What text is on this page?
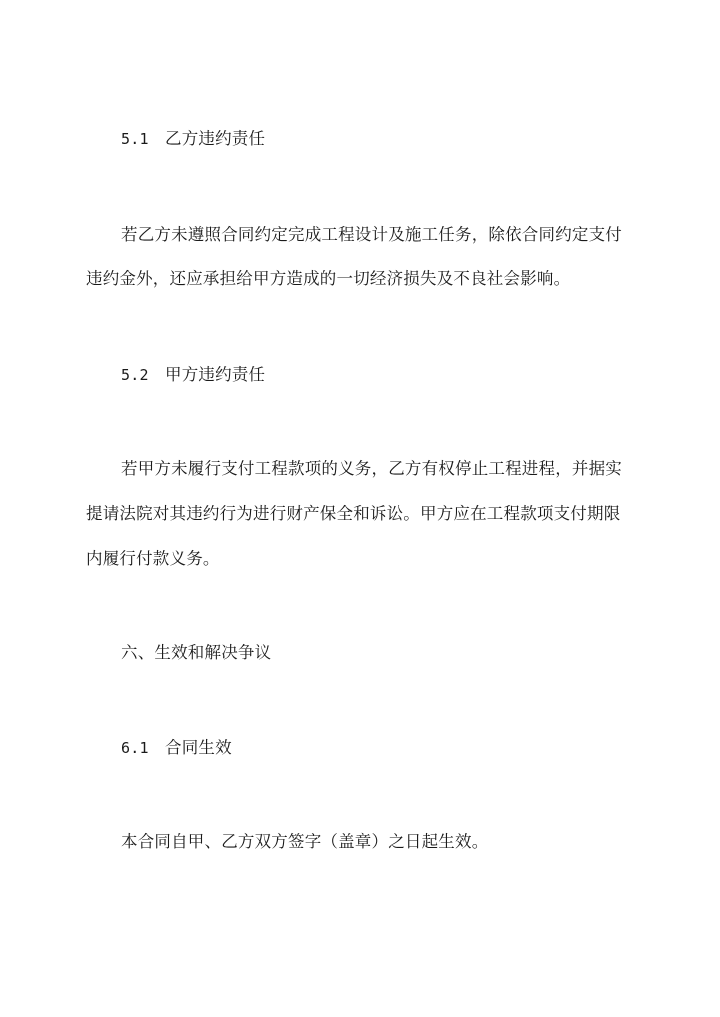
5.1 乙方违约责任
若乙方未遵照合同约定完成工程设计及施工任务，除依合同约定支付
违约金外，还应承担给甲方造成的一切经济损失及不良社会影响。
5.2 甲方违约责任
若甲方未履行支付工程款项的义务，乙方有权停止工程进程，并据实
提请法院对其违约行为进行财产保全和诉讼。甲方应在工程款项支付期限
内履行付款义务。
六、生效和解决争议
6.1 合同生效
本合同自甲、乙方双方签字（盖章）之日起生效。
